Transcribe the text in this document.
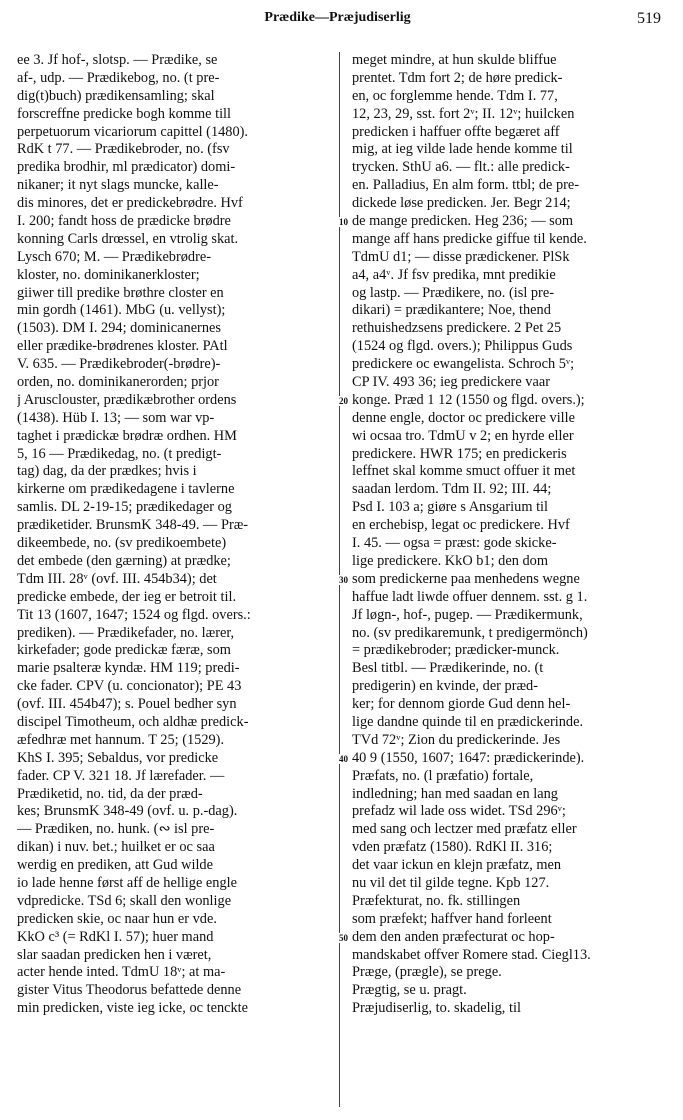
Prædike—Præjudiserlig	519
ee 3. Jf hof-, slotsp. — Prædike, se
af-, udp. — Prædikebog, no. (t pre-
dig(t)buch) prædikensamling; skal
forscreffne predicke bogh komme till
perpetuorum vicariorum capittel (1480).
RdK t 77. — Prædikebroder, no. (fsv
predika brodhir, ml prædicator) domi-
nikaner; it nyt slags muncke, kalle-
dis minores, det er predickebrødre. Hvf
I. 200; fandt hoss de prædicke brødre
konning Carls drœssel, en vtrolig skat.
Lysch 670; M. — Prædikebrødre-
kloster, no. dominikanerkloster;
giiwer till predike brøthre closter en
min gordh (1461). MbG (u. vellyst);
(1503). DM I. 294; dominicanernes
eller prædike-brødrenes kloster. PAtl
V. 635. — Prædikebroder(-brødre)-
orden, no. dominikanerorden; prjor
j Arusclouster, prædikæbrother ordens
(1438). Hüb I. 13; — som war vp-
taghet i prædickæ brødræ ordhen. HM
5, 16 — Prædikedag, no. (t predigt-
tag) dag, da der prædkes; hvis i
kirkerne om prædikedagene i tavlerne
samlis. DL 2-19-15; prædikedager og
prædiketider. BrunsmK 348-49. — Præ-
dikeembede, no. (sv predikoembete)
det embede (den gærning) at prædke;
Tdm III. 28ᵛ (ovf. III. 454b34); det
predicke embede, der ieg er betroit til.
Tit 13 (1607, 1647; 1524 og flgd. overs.:
prediken). — Prædikefader, no. lærer,
kirkefader; gode predickæ færæ, som
marie psalteræ kyndæ. HM 119; predi-
cke fader. CPV (u. concionator); PE 43
(ovf. III. 454b47); s. Pouel bedher syn
discipel Timotheum, och aldhæ predick-
æfedhræ met hannum. T 25; (1529).
KhS I. 395; Sebaldus, vor predicke
fader. CP V. 321 18. Jf lærefader. —
Prædiketid, no. tid, da der præd-
kes; BrunsmK 348-49 (ovf. u. p.-dag).
— Prædiken, no. hunk. (∾ isl pre-
dikan) i nuv. bet.; huilket er oc saa
werdig en prediken, att Gud wilde
io lade henne først aff de hellige engle
vdpredicke. TSd 6; skall den wonlige
predicken skie, oc naar hun er vde.
KkO c³ (= RdKl I. 57); huer mand
slar saadan predicken hen i været,
acter hende inted. TdmU 18ᵛ; at ma-
gister Vitus Theodorus befattede denne
min predicken, viste ieg icke, oc tenckte
10
20
30
40
50
meget mindre, at hun skulde bliffue
prentet. Tdm fort 2; de høre predick-
en, oc forglemme hende. Tdm I. 77,
12, 23, 29, sst. fort 2ᵛ; II. 12ᵛ; huilcken
predicken i haffuer offte begæret aff
mig, at ieg vilde lade hende komme til
trycken. SthU a6. — flt.: alle predick-
en. Palladius, En alm form. ttbl; de pre-
dickede løse predicken. Jer. Begr 214;
de mange predicken. Heg 236; — som
mange aff hans predicke giffue til kende.
TdmU d1; — disse prædickener. PlSk
a4, a4ᵛ. Jf fsv predika, mnt predikie
og lastp. — Prædikere, no. (isl pre-
dikari) = prædikantere; Noe, thend
rethuishedzsens predickere. 2 Pet 25
(1524 og flgd. overs.); Philippus Guds
predickere oc ewangelista. Schroch 5ᵛ;
CP IV. 493 36; ieg predickere vaar
konge. Præd 1 12 (1550 og flgd. overs.);
denne engle, doctor oc predickere ville
wi ocsaa tro. TdmU v 2; en hyrde eller
predickere. HWR 175; en predickeris
leffnet skal komme smuct offuer it met
saadan lerdom. Tdm II. 92; III. 44;
Psd I. 103 a; giøre s Ansgarium til
en erchebisp, legat oc predickere. Hvf
I. 45. — ogsa = præst: gode skicke-
lige predickere. KkO b1; den dom
som predickerne paa menhedens wegne
haffue ladt liwde offuer dennem. sst. g 1.
Jf løgn-, hof-, pugep. — Prædikermunk,
no. (sv predikaremunk, t predigermönch)
= prædikebroder; prædicker-munck.
Besl titbl. — Prædikerinde, no. (t
predigerin) en kvinde, der præd-
ker; for dennom giorde Gud denn hel-
lige dandne quinde til en prædickerinde.
TVd 72ᵛ; Zion du predickerinde. Jes
40 9 (1550, 1607; 1647: prædickerinde).
Præfats, no. (l præfatio) fortale,
indledning; han med saadan en lang
prefadz wil lade oss widet. TSd 296ᵛ;
med sang och lectzer med præfatz eller
vden præfatz (1580). RdKl II. 316;
det vaar ickun en klejn præfatz, men
nu vil det til gilde tegne. Kpb 127.
Præfekturat, no. fk. stillingen
som præfekt; haffver hand forleent
dem den anden præfecturat oc hop-
mandskabet offver Romere stad. Ciegl13.
Præge, (prægle), se prege.
Prægtig, se u. pragt.
Præjudiserlig, to. skadelig, til
